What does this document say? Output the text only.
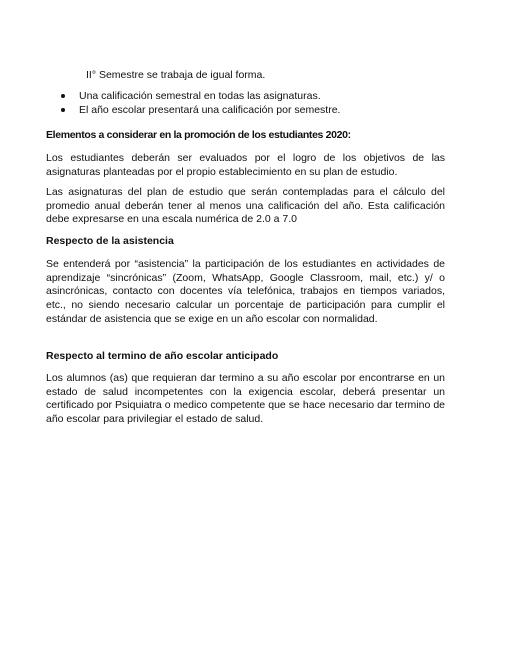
II° Semestre se trabaja de igual forma.
Una calificación semestral en todas las asignaturas.
El año escolar presentará una calificación por semestre.
Elementos a considerar en la promoción de los estudiantes 2020:
Los estudiantes deberán ser evaluados por el logro de los objetivos de las asignaturas planteadas por el propio establecimiento en su plan de estudio.
Las asignaturas del plan de estudio que serán contempladas para el cálculo del promedio anual deberán tener al menos una calificación del año. Esta calificación debe expresarse en una escala numérica de 2.0 a 7.0
Respecto de la asistencia
Se entenderá por “asistencia” la participación de los estudiantes en actividades de aprendizaje “sincrónicas” (Zoom, WhatsApp, Google Classroom, mail, etc.) y/ o asincrónicas, contacto con docentes vía telefónica, trabajos en tiempos variados, etc., no siendo necesario calcular un porcentaje de participación para cumplir el estándar de asistencia que se exige en un año escolar con normalidad.
Respecto al termino de año escolar anticipado
Los alumnos (as) que requieran dar termino a su año escolar por encontrarse en un estado de salud incompetentes con la exigencia escolar, deberá presentar un certificado por Psiquiatra o medico competente que se hace necesario dar termino de año escolar para privilegiar el estado de salud.
